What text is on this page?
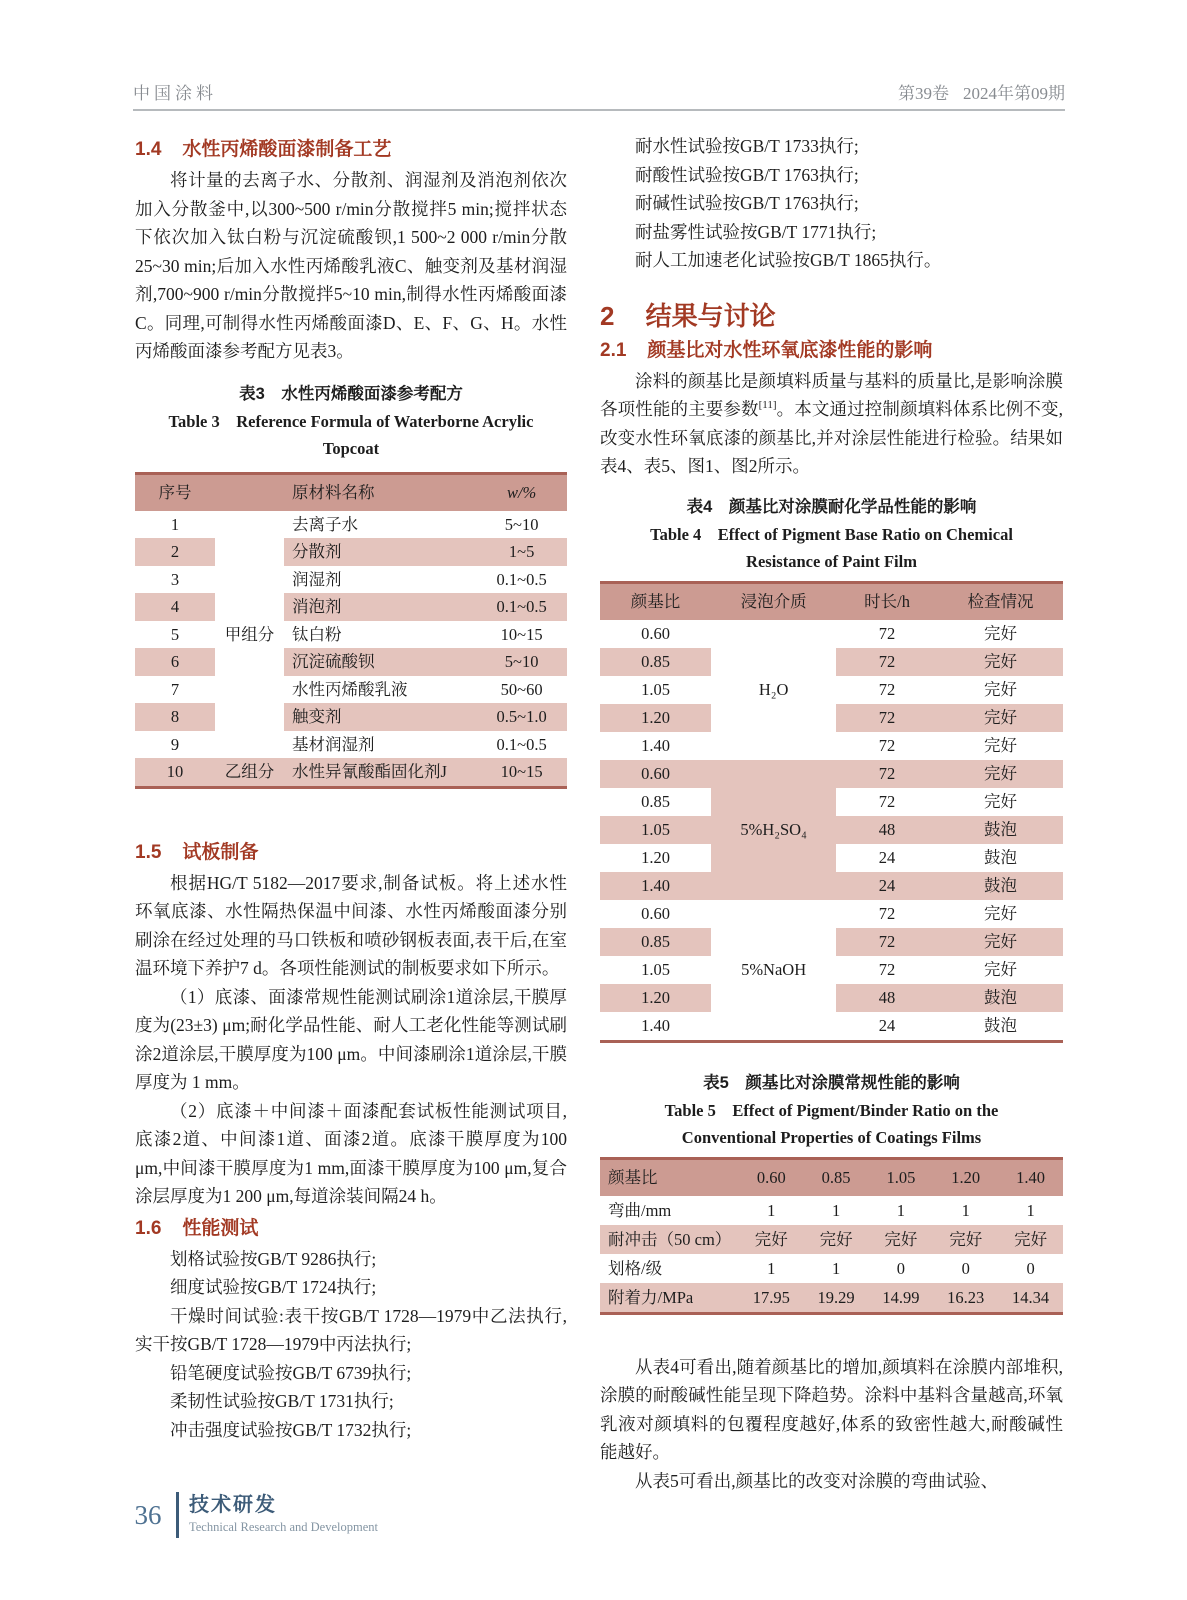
中国涂料	第39卷 2024年第09期
1.4 水性丙烯酸面漆制备工艺

将计量的去离子水、分散剂、润湿剂及消泡剂依次加入分散釜中,以300~500 r/min分散搅拌5 min;搅拌状态下依次加入钛白粉与沉淀硫酸钡,1 500~2 000 r/min分散25~30 min;后加入水性丙烯酸乳液C、触变剂及基材润湿剂,700~900 r/min分散搅拌5~10 min,制得水性丙烯酸面漆C。同理,可制得水性丙烯酸面漆D、E、F、G、H。水性丙烯酸面漆参考配方见表3。

表3　水性丙烯酸面漆参考配方
Table 3　Reference Formula of Waterborne Acrylic
Topcoat
序号		原材料名称	w/%
1	甲组分	去离子水	5~10
2		分散剂	1~5
3		润湿剂	0.1~0.5
4		消泡剂	0.1~0.5
5		钛白粉	10~15
6		沉淀硫酸钡	5~10
7		水性丙烯酸乳液	50~60
8		触变剂	0.5~1.0
9		基材润湿剂	0.1~0.5
10	乙组分	水性异氰酸酯固化剂J	10~15
1.5 试板制备

根据HG/T 5182—2017要求,制备试板。将上述水性环氧底漆、水性隔热保温中间漆、水性丙烯酸面漆分别刷涂在经过处理的马口铁板和喷砂钢板表面,表干后,在室温环境下养护7 d。各项性能测试的制板要求如下所示。

（1）底漆、面漆常规性能测试刷涂1道涂层,干膜厚度为(23±3) μm;耐化学品性能、耐人工老化性能等测试刷涂2道涂层,干膜厚度为100 μm。中间漆刷涂1道涂层,干膜厚度为 1 mm。

（2）底漆＋中间漆＋面漆配套试板性能测试项目,底漆2道、中间漆1道、面漆2道。底漆干膜厚度为100 μm,中间漆干膜厚度为1 mm,面漆干膜厚度为100 μm,复合涂层厚度为1 200 μm,每道涂装间隔24 h。

1.6 性能测试

划格试验按GB/T 9286执行;

细度试验按GB/T 1724执行;

干燥时间试验:表干按GB/T 1728—1979中乙法执行,实干按GB/T 1728—1979中丙法执行;

铅笔硬度试验按GB/T 6739执行;

柔韧性试验按GB/T 1731执行;

冲击强度试验按GB/T 1732执行;

耐水性试验按GB/T 1733执行;

耐酸性试验按GB/T 1763执行;

耐碱性试验按GB/T 1763执行;

耐盐雾性试验按GB/T 1771执行;

耐人工加速老化试验按GB/T 1865执行。

2 结果与讨论
2.1 颜基比对水性环氧底漆性能的影响

涂料的颜基比是颜填料质量与基料的质量比,是影响涂膜各项性能的主要参数[11]。本文通过控制颜填料体系比例不变,改变水性环氧底漆的颜基比,并对涂层性能进行检验。结果如表4、表5、图1、图2所示。

表4　颜基比对涂膜耐化学品性能的影响
Table 4　Effect of Pigment Base Ratio on Chemical
Resistance of Paint Film
颜基比	浸泡介质	时长/h	检查情况
0.60	H₂O	72	完好
0.85		72	完好
1.05		72	完好
1.20		72	完好
1.40		72	完好
0.60	5%H₂SO₄	72	完好
0.85		72	完好
1.05		48	鼓泡
1.20		24	鼓泡
1.40		24	鼓泡
0.60	5%NaOH	72	完好
0.85		72	完好
1.05		72	完好
1.20		48	鼓泡
1.40		24	鼓泡
表5　颜基比对涂膜常规性能的影响
Table 5　Effect of Pigment/Binder Ratio on the
Conventional Properties of Coatings Films
颜基比	0.60	0.85	1.05	1.20	1.40
弯曲/mm	1	1	1	1	1
耐冲击（50 cm）	完好	完好	完好	完好	完好
划格/级	1	1	0	0	0
附着力/MPa	17.95	19.29	14.99	16.23	14.34

从表4可看出,随着颜基比的增加,颜填料在涂膜内部堆积,涂膜的耐酸碱性能呈现下降趋势。涂料中基料含量越高,环氧乳液对颜填料的包覆程度越好,体系的致密性越大,耐酸碱性能越好。

从表5可看出,颜基比的改变对涂膜的弯曲试验、

36 技术研发
Technical Research and Development
